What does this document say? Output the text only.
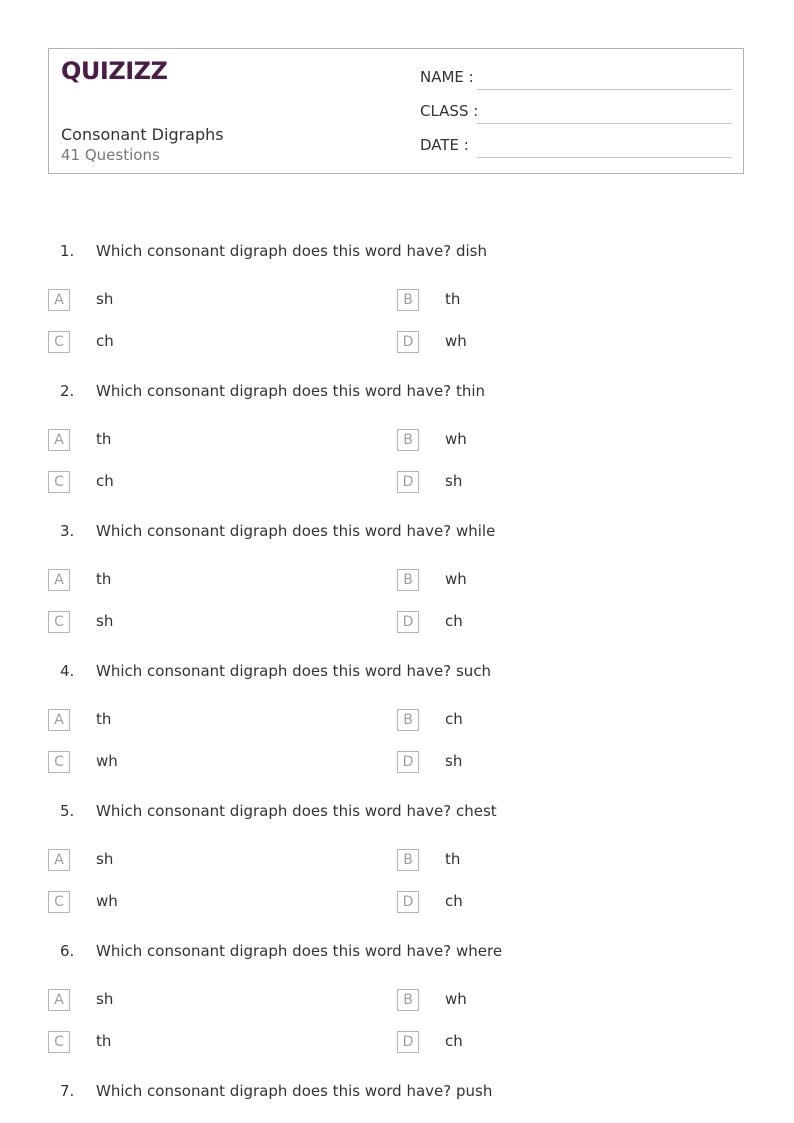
QUIZIZZ
Consonant Digraphs
41 Questions
NAME :
CLASS :
DATE :
1. Which consonant digraph does this word have? dish
A	sh	B	th
C	ch	D	wh
2. Which consonant digraph does this word have? thin
A	th	B	wh
C	ch	D	sh
3. Which consonant digraph does this word have? while
A	th	B	wh
C	sh	D	ch
4. Which consonant digraph does this word have? such
A	th	B	ch
C	wh	D	sh
5. Which consonant digraph does this word have? chest
A	sh	B	th
C	wh	D	ch
6. Which consonant digraph does this word have? where
A	sh	B	wh
C	th	D	ch
7. Which consonant digraph does this word have? push
